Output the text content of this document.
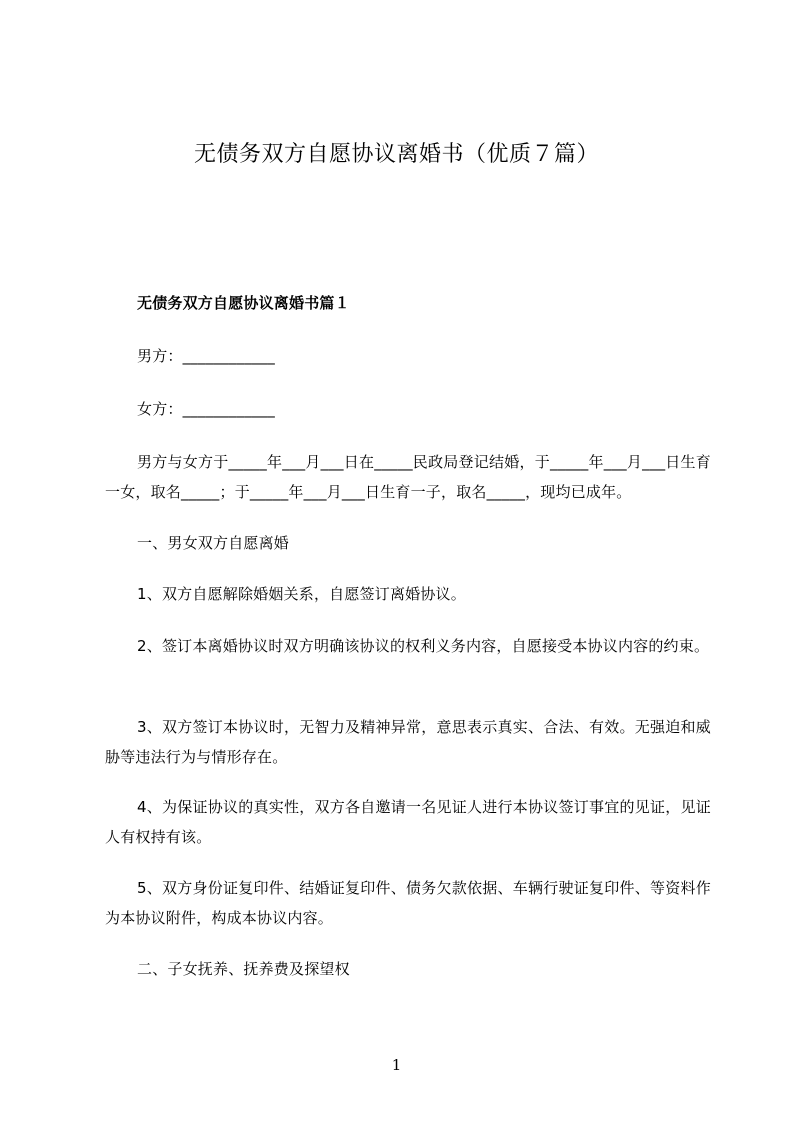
无债务双方自愿协议离婚书（优质７篇）
无债务双方自愿协议离婚书篇１
男方：____________
女方：____________
男方与女方于_____年___月___日在_____民政局登记结婚，于_____年___月___日生育一女，取名_____；于_____年___月___日生育一子，取名_____，现均已成年。
一、男女双方自愿离婚
1、双方自愿解除婚姻关系，自愿签订离婚协议。
2、签订本离婚协议时双方明确该协议的权利义务内容，自愿接受本协议内容的约束。
3、双方签订本协议时，无智力及精神异常，意思表示真实、合法、有效。无强迫和威胁等违法行为与情形存在。
4、为保证协议的真实性，双方各自邀请一名见证人进行本协议签订事宜的见证，见证人有权持有该。
5、双方身份证复印件、结婚证复印件、债务欠款依据、车辆行驶证复印件、等资料作为本协议附件，构成本协议内容。
二、子女抚养、抚养费及探望权
1
